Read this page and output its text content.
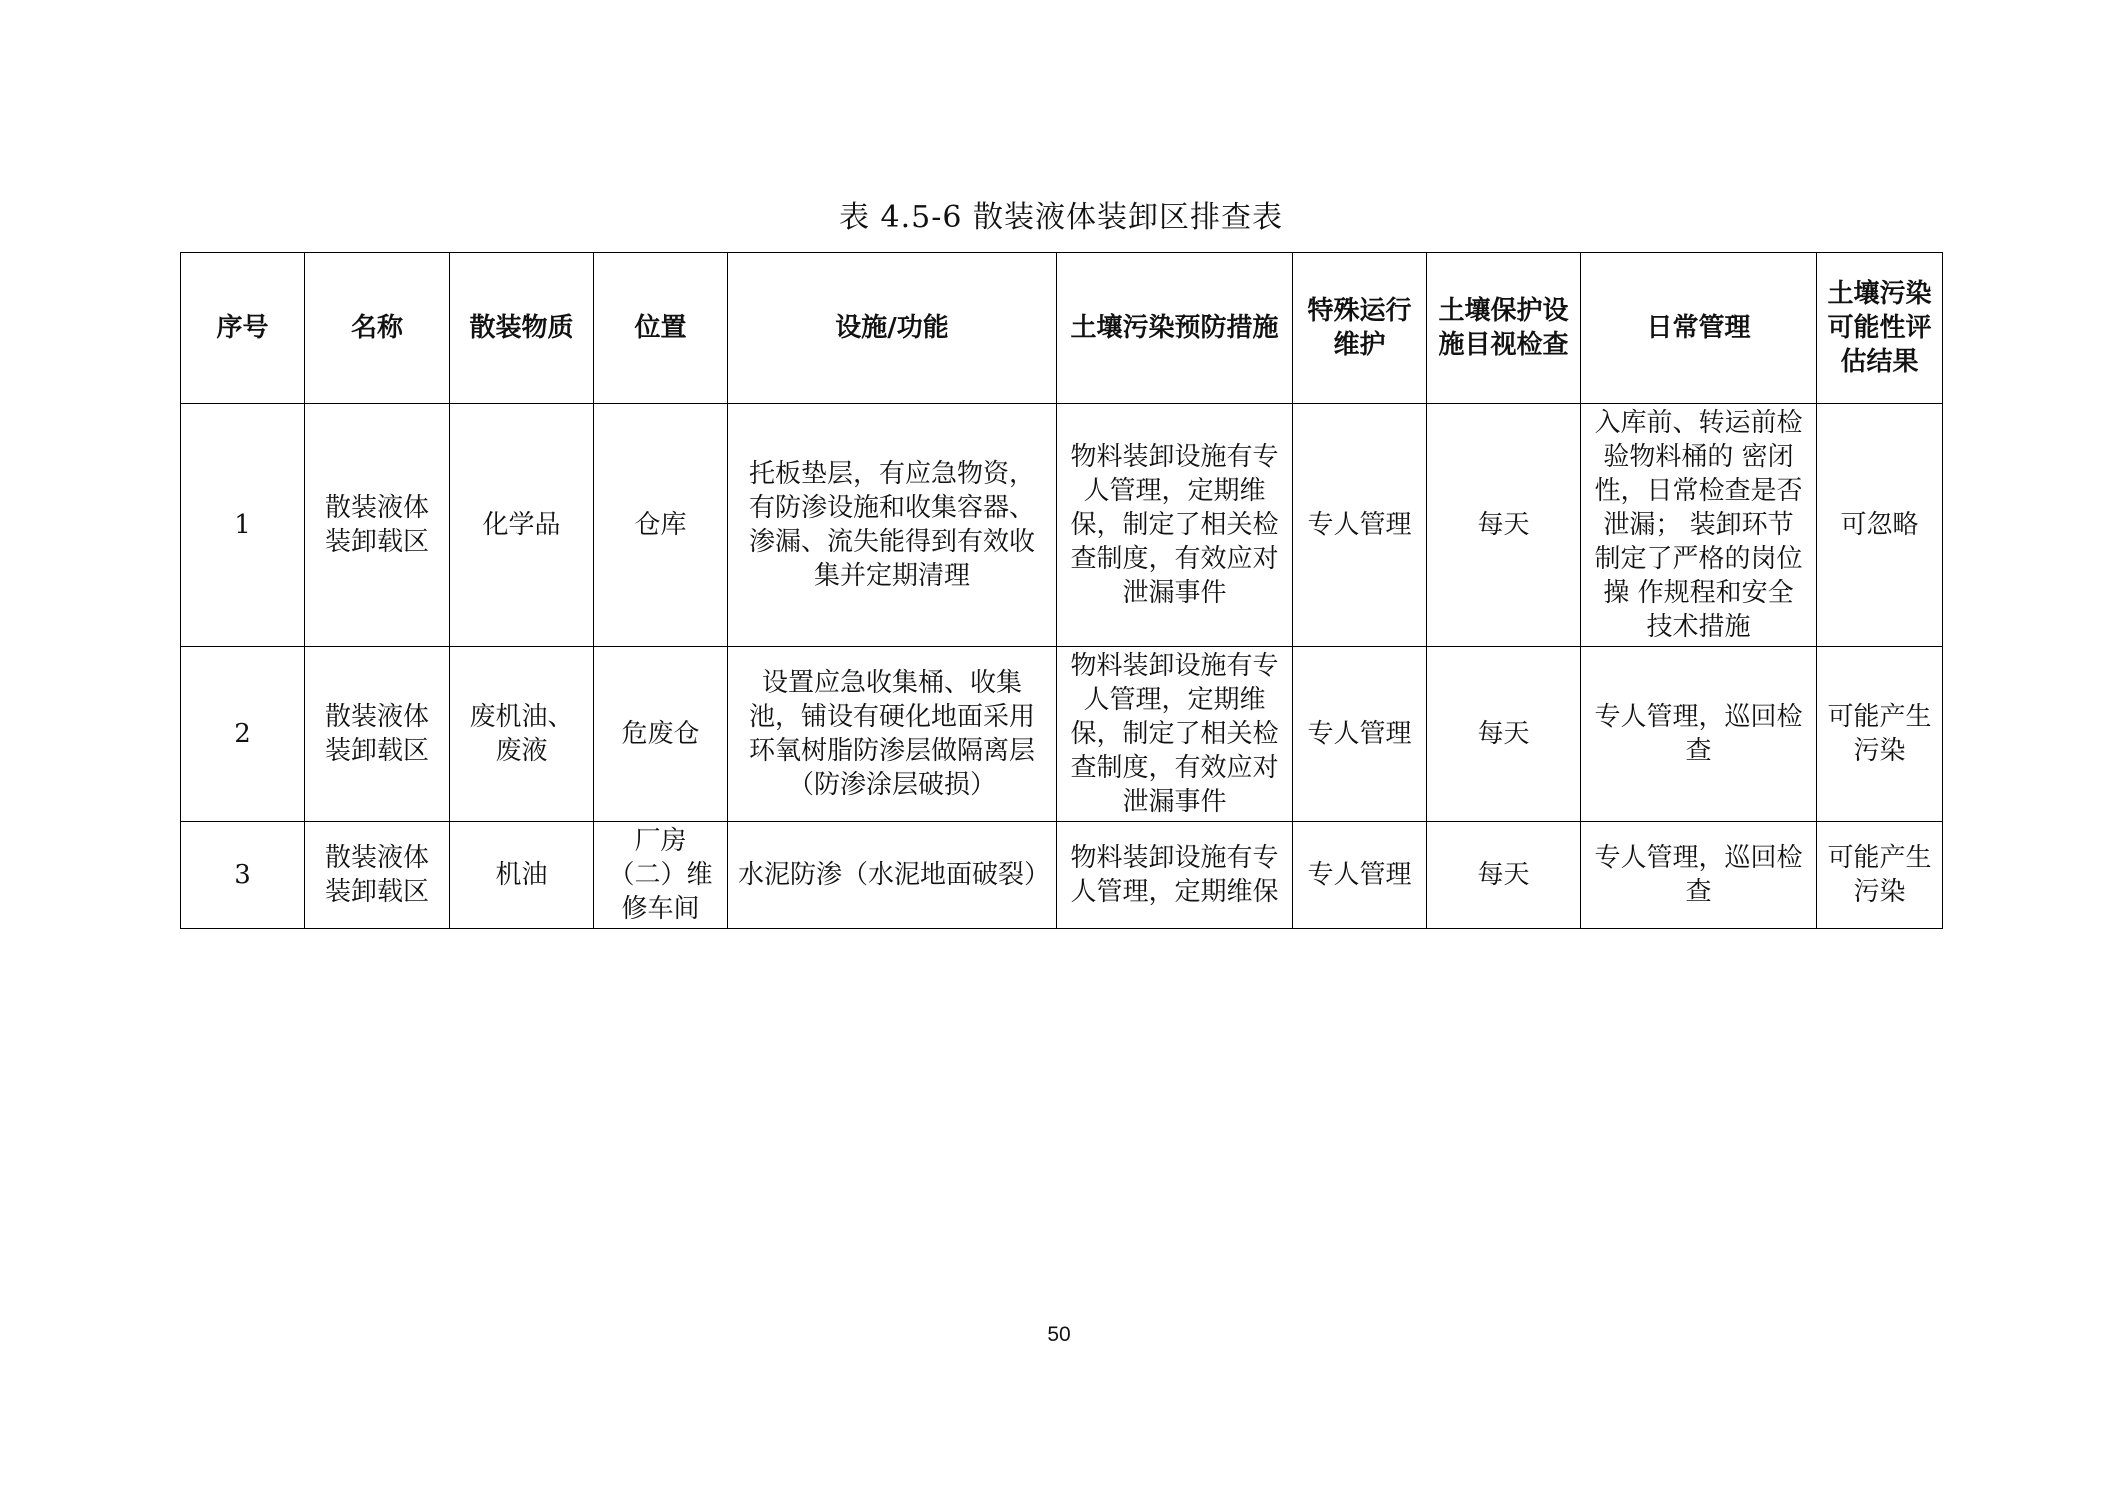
表 4.5-6 散装液体装卸区排查表
序号	名称	散装物质	位置	设施/功能	土壤污染预防措施	特殊运行维护	土壤保护设施目视检查	日常管理	土壤污染可能性评估结果
1	散装液体装卸载区	化学品	仓库	托板垫层，有应急物资，有防渗设施和收集容器、渗漏、流失能得到有效收集并定期清理	物料装卸设施有专人管理，定期维保，制定了相关检查制度，有效应对泄漏事件	专人管理	每天	入库前、转运前检验物料桶的 密闭性，日常检查是否泄漏； 装卸环节制定了严格的岗位操 作规程和安全技术措施	可忽略
2	散装液体装卸载区	废机油、废液	危废仓	设置应急收集桶、收集池，铺设有硬化地面采用环氧树脂防渗层做隔离层（防渗涂层破损）	物料装卸设施有专人管理，定期维保，制定了相关检查制度，有效应对泄漏事件	专人管理	每天	专人管理，巡回检查	可能产生污染
3	散装液体装卸载区	机油	厂房（二）维修车间	水泥防渗（水泥地面破裂）	物料装卸设施有专人管理，定期维保	专人管理	每天	专人管理，巡回检查	可能产生污染
50
